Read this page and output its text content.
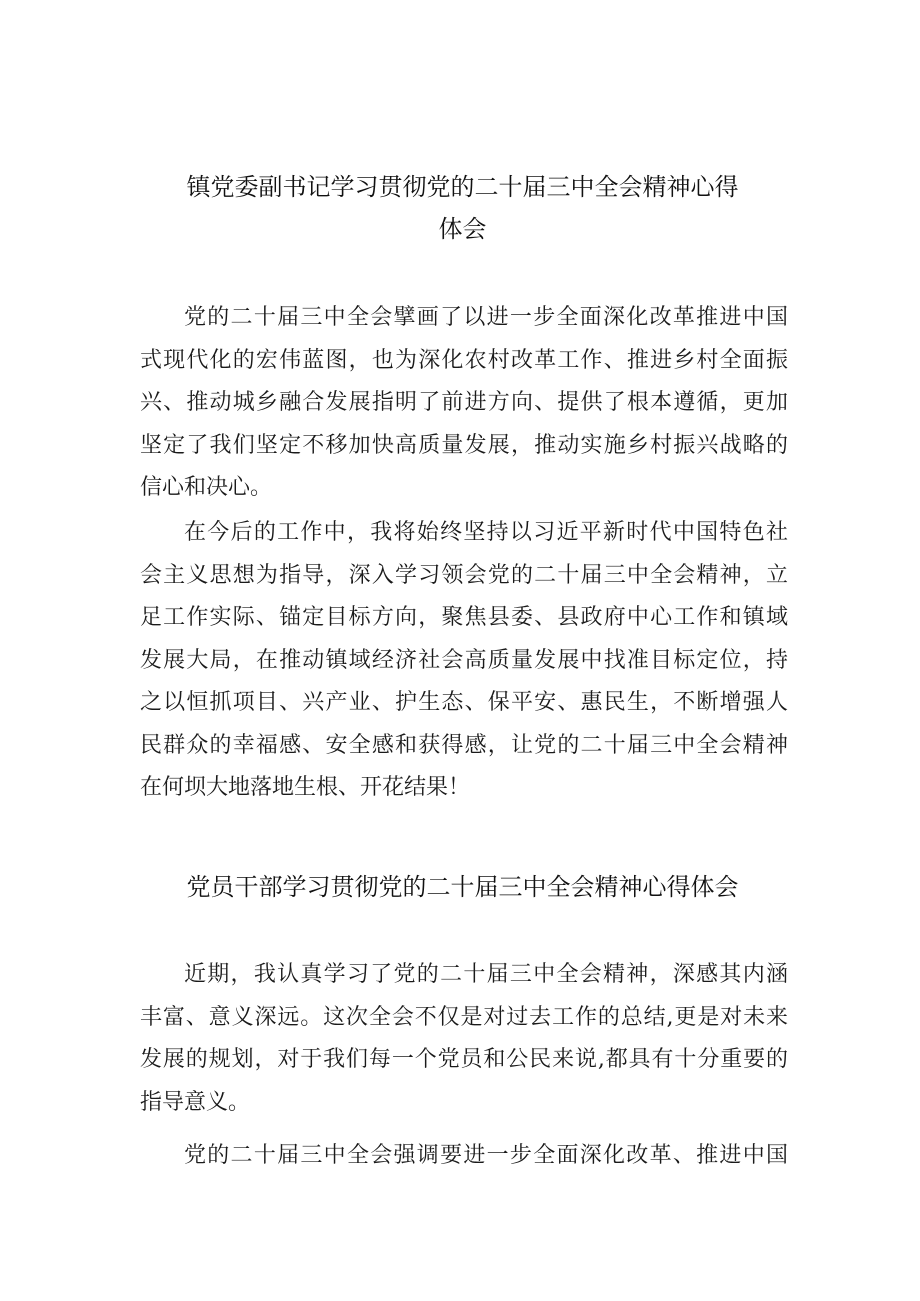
镇党委副书记学习贯彻党的二十届三中全会精神心得
体会
党的二十届三中全会擘画了以进一步全面深化改革推进中国
式现代化的宏伟蓝图，也为深化农村改革工作、推进乡村全面振
兴、推动城乡融合发展指明了前进方向、提供了根本遵循，更加
坚定了我们坚定不移加快高质量发展，推动实施乡村振兴战略的
信心和决心。
在今后的工作中，我将始终坚持以习近平新时代中国特色社
会主义思想为指导，深入学习领会党的二十届三中全会精神，立
足工作实际、锚定目标方向，聚焦县委、县政府中心工作和镇域
发展大局，在推动镇域经济社会高质量发展中找准目标定位，持
之以恒抓项目、兴产业、护生态、保平安、惠民生，不断增强人
民群众的幸福感、安全感和获得感，让党的二十届三中全会精神
在何坝大地落地生根、开花结果！
党员干部学习贯彻党的二十届三中全会精神心得体会
近期，我认真学习了党的二十届三中全会精神，深感其内涵
丰富、意义深远。这次全会不仅是对过去工作的总结,更是对未来
发展的规划，对于我们每一个党员和公民来说,都具有十分重要的
指导意义。
党的二十届三中全会强调要进一步全面深化改革、推进中国
